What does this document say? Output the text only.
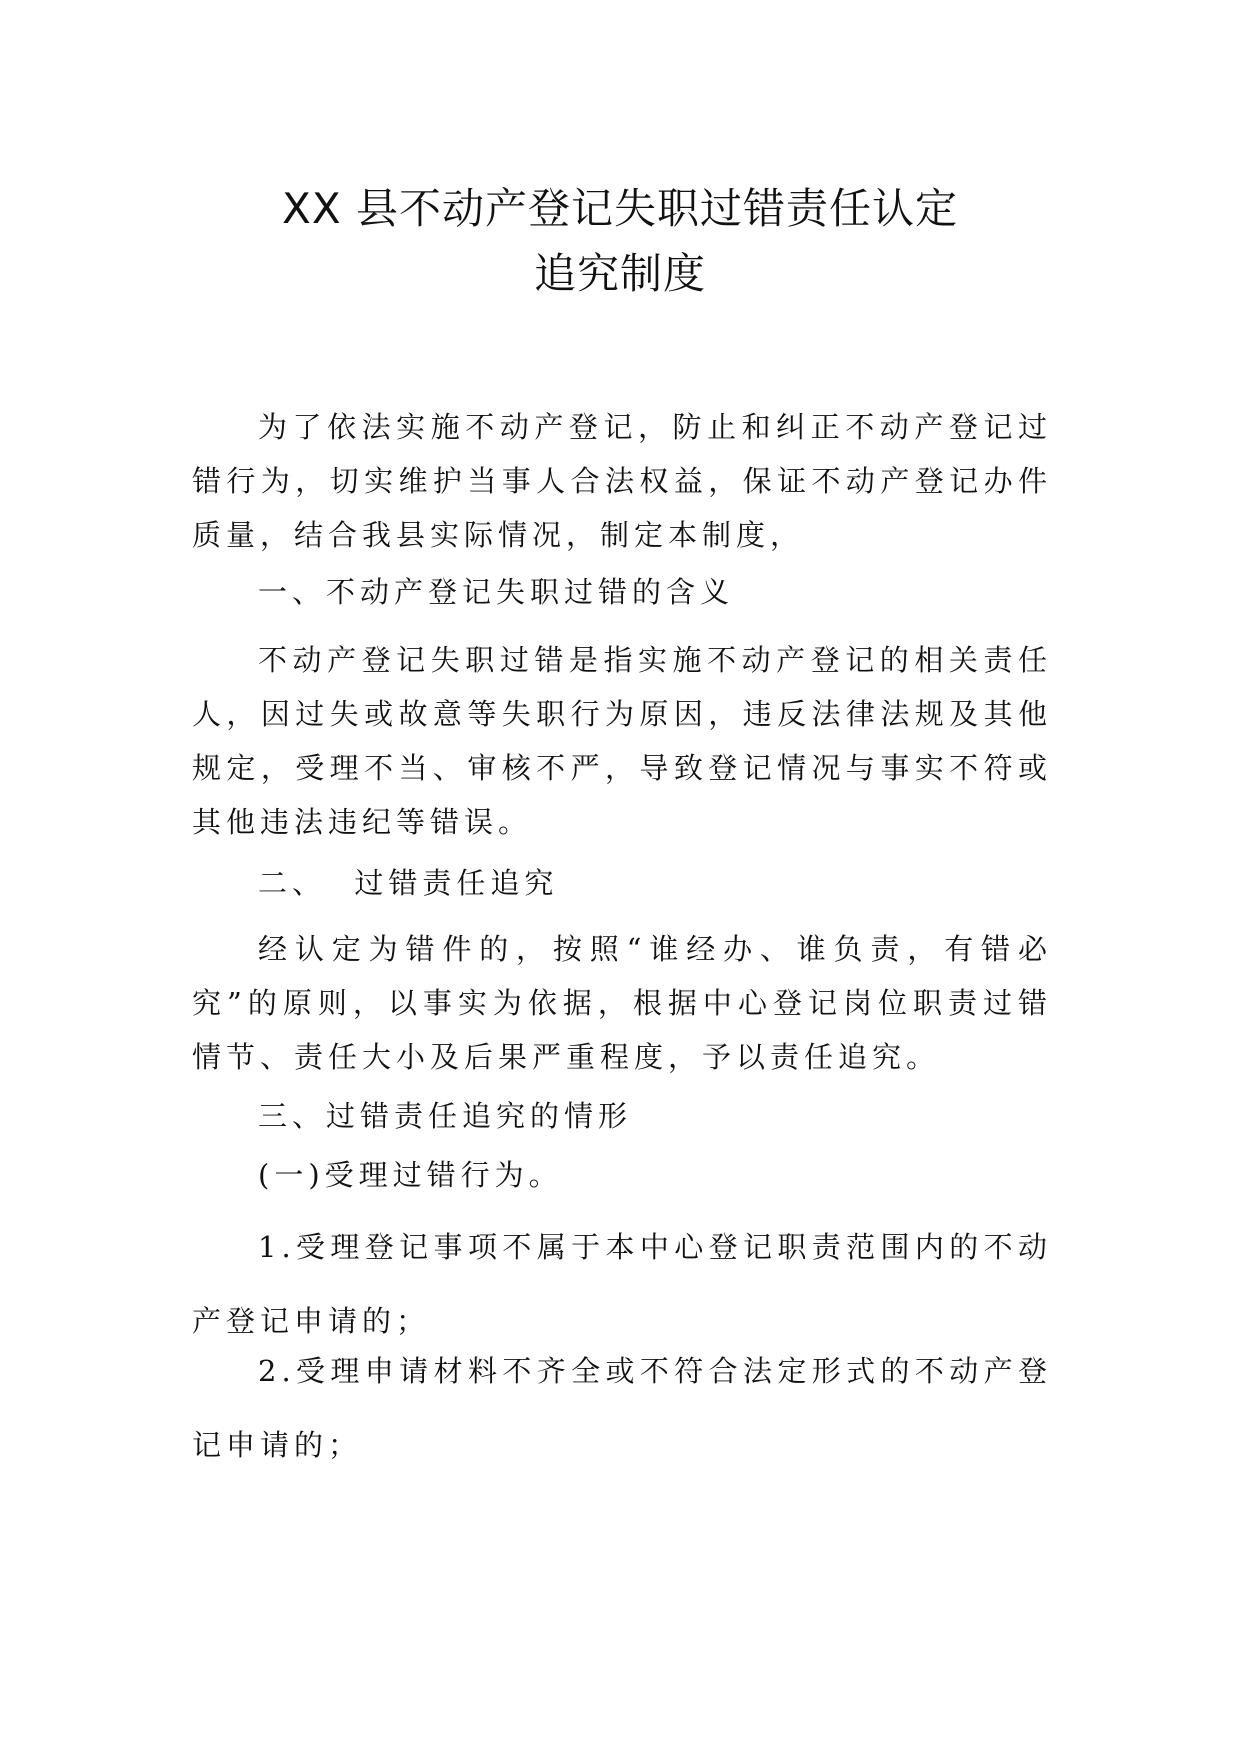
XX 县不动产登记失职过错责任认定
追究制度
为了依法实施不动产登记，防止和纠正不动产登记过错行为，切实维护当事人合法权益，保证不动产登记办件质量，结合我县实际情况，制定本制度，
一、不动产登记失职过错的含义
不动产登记失职过错是指实施不动产登记的相关责任人，因过失或故意等失职行为原因，违反法律法规及其他规定，受理不当、审核不严，导致登记情况与事实不符或其他违法违纪等错误。
二、  过错责任追究
经认定为错件的，按照“谁经办、谁负责，有错必究”的原则，以事实为依据，根据中心登记岗位职责过错情节、责任大小及后果严重程度，予以责任追究。
三、过错责任追究的情形
(一)受理过错行为。
1.受理登记事项不属于本中心登记职责范围内的不动产登记申请的；
2.受理申请材料不齐全或不符合法定形式的不动产登记申请的；
